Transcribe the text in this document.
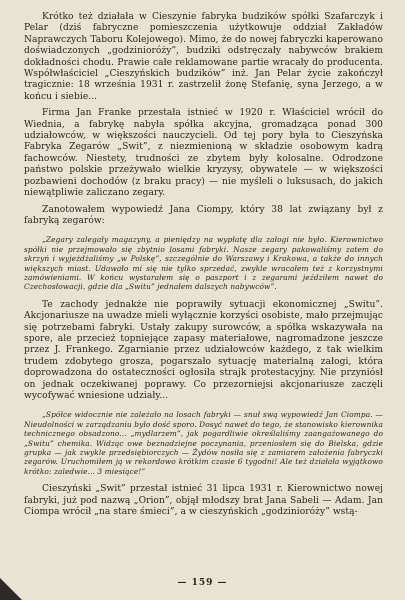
Krótko też działała w Cieszynie fabryka budzików spółki Szafarczyk i Pelar (dziś fabryczne pomieszczenia użytkowuje oddział Zakładów Naprawczych Taboru Kolejowego). Mimo, że do nowej fabryczki kaperowano doświadczonych „godzinioróży”, budziki odstręczały nabywców brakiem dokładności chodu. Prawie całe reklamowane partie wracały do producenta. Współwłaściciel „Cieszyńskich budzików” inż. Jan Pelar życie zakończył tragicznie: 18 września 1931 r. zastrzelił żonę Stefanię, syna Jerzego, a w końcu i siebie...

Firma Jan Franke przestała istnieć w 1920 r. Właściciel wrócił do Wiednia, a fabrykę nabyła spółka akcyjna, gromadząca ponad 300 udziałowców, w większości nauczycieli. Od tej pory była to Cieszyńska Fabryka Zegarów „Swit”, z niezmienioną w składzie osobowym kadrą fachowców. Niestety, trudności ze zbytem były kolosalne. Odrodzone państwo polskie przeżywało wielkie kryzysy, obywatele — w większości pozbawieni dochodów (z braku pracy) — nie myśleli o luksusach, do jakich niewątpliwie zaliczano zegary.

Zanotowałem wypowiedź Jana Ciompy, który 38 lat związany był z fabryką zegarów:

„Zegary zalegały magazyny, a pieniędzy na wypłatę dla załogi nie było. Kierownictwo spółki nie przejmowało się zbytnio losami fabryki. Nasze zegary pakowaliśmy zatem do skrzyń i wyjeżdżaliśmy „w Polskę”, szczególnie do Warszawy i Krakowa, a także do innych większych miast. Udawało mi się nie tylko sprzedać, zwykle wracałem też z korzystnymi zamówieniami. W końcu wystarałem się o paszport i z zegarami jeździłem nawet do Czechosłowacji, gdzie dla „Switu” jednałem dalszych nabywców”.

Te zachody jednakże nie poprawiły sytuacji ekonomicznej „Switu”. Akcjonariusze na uwadze mieli wyłącznie korzyści osobiste, mało przejmując się potrzebami fabryki. Ustały zakupy surowców, a spółka wskazywała na spore, ale przecież topniejące zapasy materiałowe, nagromadzone jeszcze przez J. Frankego. Zgarnianie przez udziałowców każdego, z tak wielkim trudem zdobytego grosza, pogarszało sytuację materialną załogi, która doprowadzona do ostateczności ogłosiła strajk protestacyjny. Nie przyniósł on jednak oczekiwanej poprawy. Co przezorniejsi akcjonariusze zaczęli wycofywać wniesione udziały...

„Spółce widocznie nie zależało na losach fabryki — snuł swą wypowiedź Jan Ciompa. — Nieudolności w zarządzaniu było dość sporo. Dosyć nawet do tego, że stanowisko kierownika technicznego obsadzono... „mydlarzem”, jak pogardliwie określaliśmy zaangażowanego do „Switu” chemika. Widząc owe beznadziejne poczynania, przeniosłem się do Bielska, gdzie grupka — jak zwykle przedsiębiorczych — Żydów nosiła się z zamiarem założenia fabryczki zegarów. Uruchomiłem ją w rekordowo krótkim czasie 6 tygodni! Ale też działała wyjątkowo krótko: zaledwie... 3 miesiące!”

Cieszyński „Swit” przestał istnieć 31 lipca 1931 r. Kierownictwo nowej fabryki, już pod nazwą „Orion”, objął młodszy brat Jana Sabeli — Adam. Jan Ciompa wrócił „na stare śmieci”, a w cieszyńskich „godzinioróży” wstą-

— 159 —
